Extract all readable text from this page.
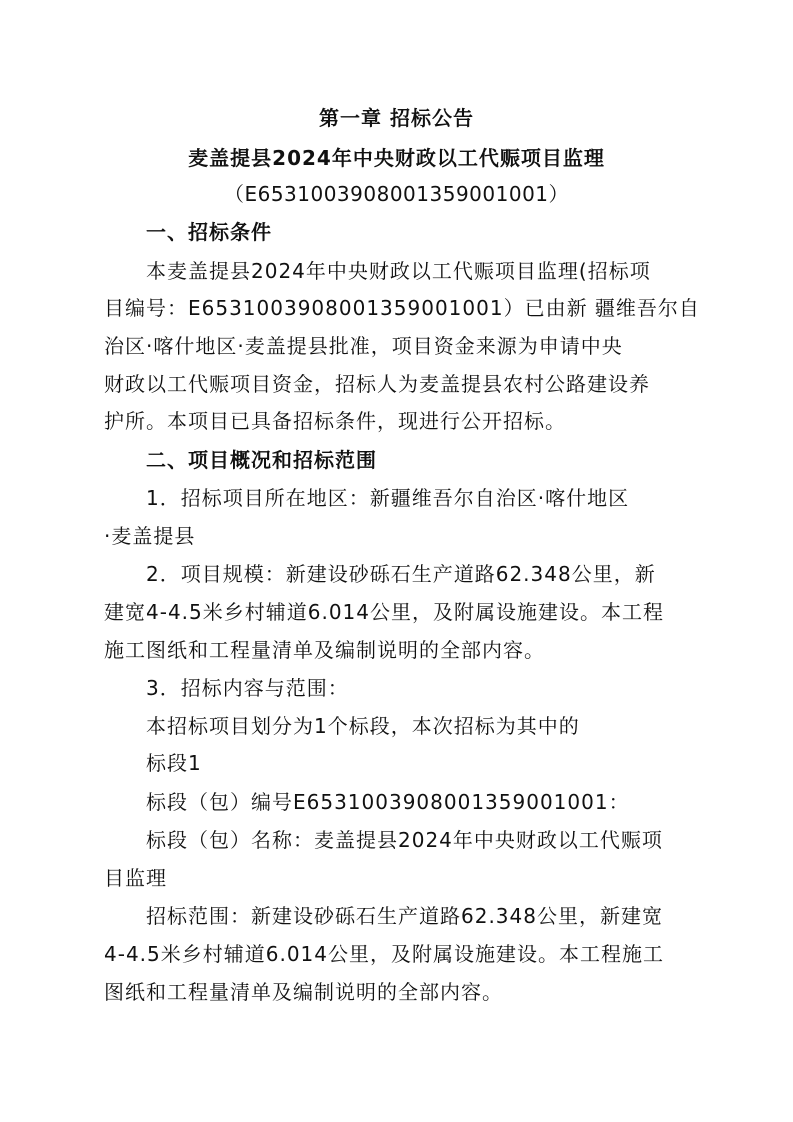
第一章 招标公告
麦盖提县2024年中央财政以工代赈项目监理
（E6531003908001359001001）
一、招标条件
本麦盖提县2024年中央财政以工代赈项目监理(招标项
目编号：E6531003908001359001001）已由新 疆维吾尔自
治区·喀什地区·麦盖提县批准，项目资金来源为申请中央
财政以工代赈项目资金，招标人为麦盖提县农村公路建设养
护所。本项目已具备招标条件，现进行公开招标。
二、项目概况和招标范围
1．招标项目所在地区：新疆维吾尔自治区·喀什地区
·麦盖提县
2．项目规模：新建设砂砾石生产道路62.348公里，新
建宽4-4.5米乡村辅道6.014公里，及附属设施建设。本工程
施工图纸和工程量清单及编制说明的全部内容。
3．招标内容与范围：
本招标项目划分为1个标段，本次招标为其中的
标段1
标段（包）编号E6531003908001359001001：
标段（包）名称：麦盖提县2024年中央财政以工代赈项
目监理
招标范围：新建设砂砾石生产道路62.348公里，新建宽
4-4.5米乡村辅道6.014公里，及附属设施建设。本工程施工
图纸和工程量清单及编制说明的全部内容。
